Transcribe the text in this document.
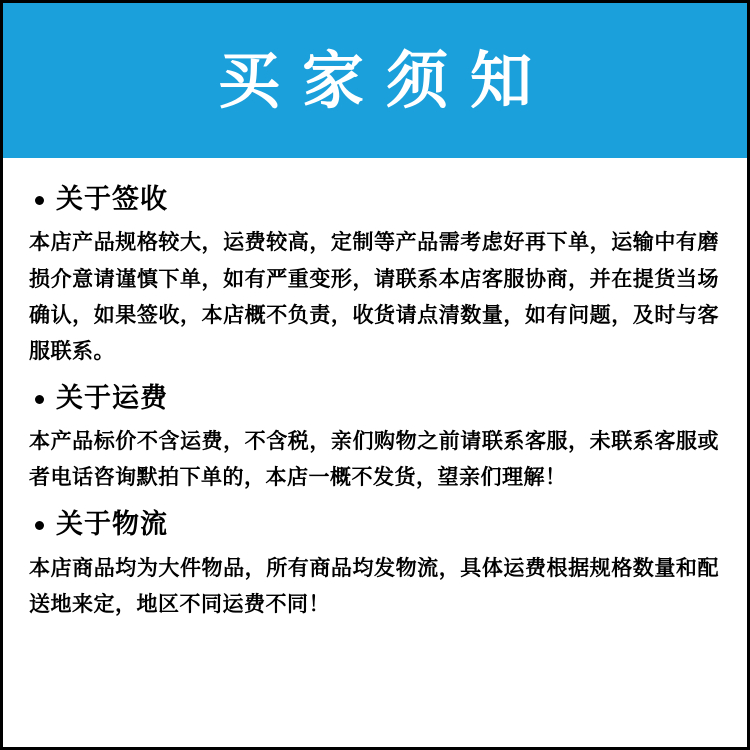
买家须知
关于签收
本店产品规格较大，运费较高，定制等产品需考虑好再下单，运输中有磨损介意请谨慎下单，如有严重变形，请联系本店客服协商，并在提货当场确认，如果签收，本店概不负责，收货请点清数量，如有问题，及时与客服联系。
关于运费
本产品标价不含运费，不含税，亲们购物之前请联系客服，未联系客服或者电话咨询默拍下单的，本店一概不发货，望亲们理解！
关于物流
本店商品均为大件物品，所有商品均发物流，具体运费根据规格数量和配送地来定，地区不同运费不同！
